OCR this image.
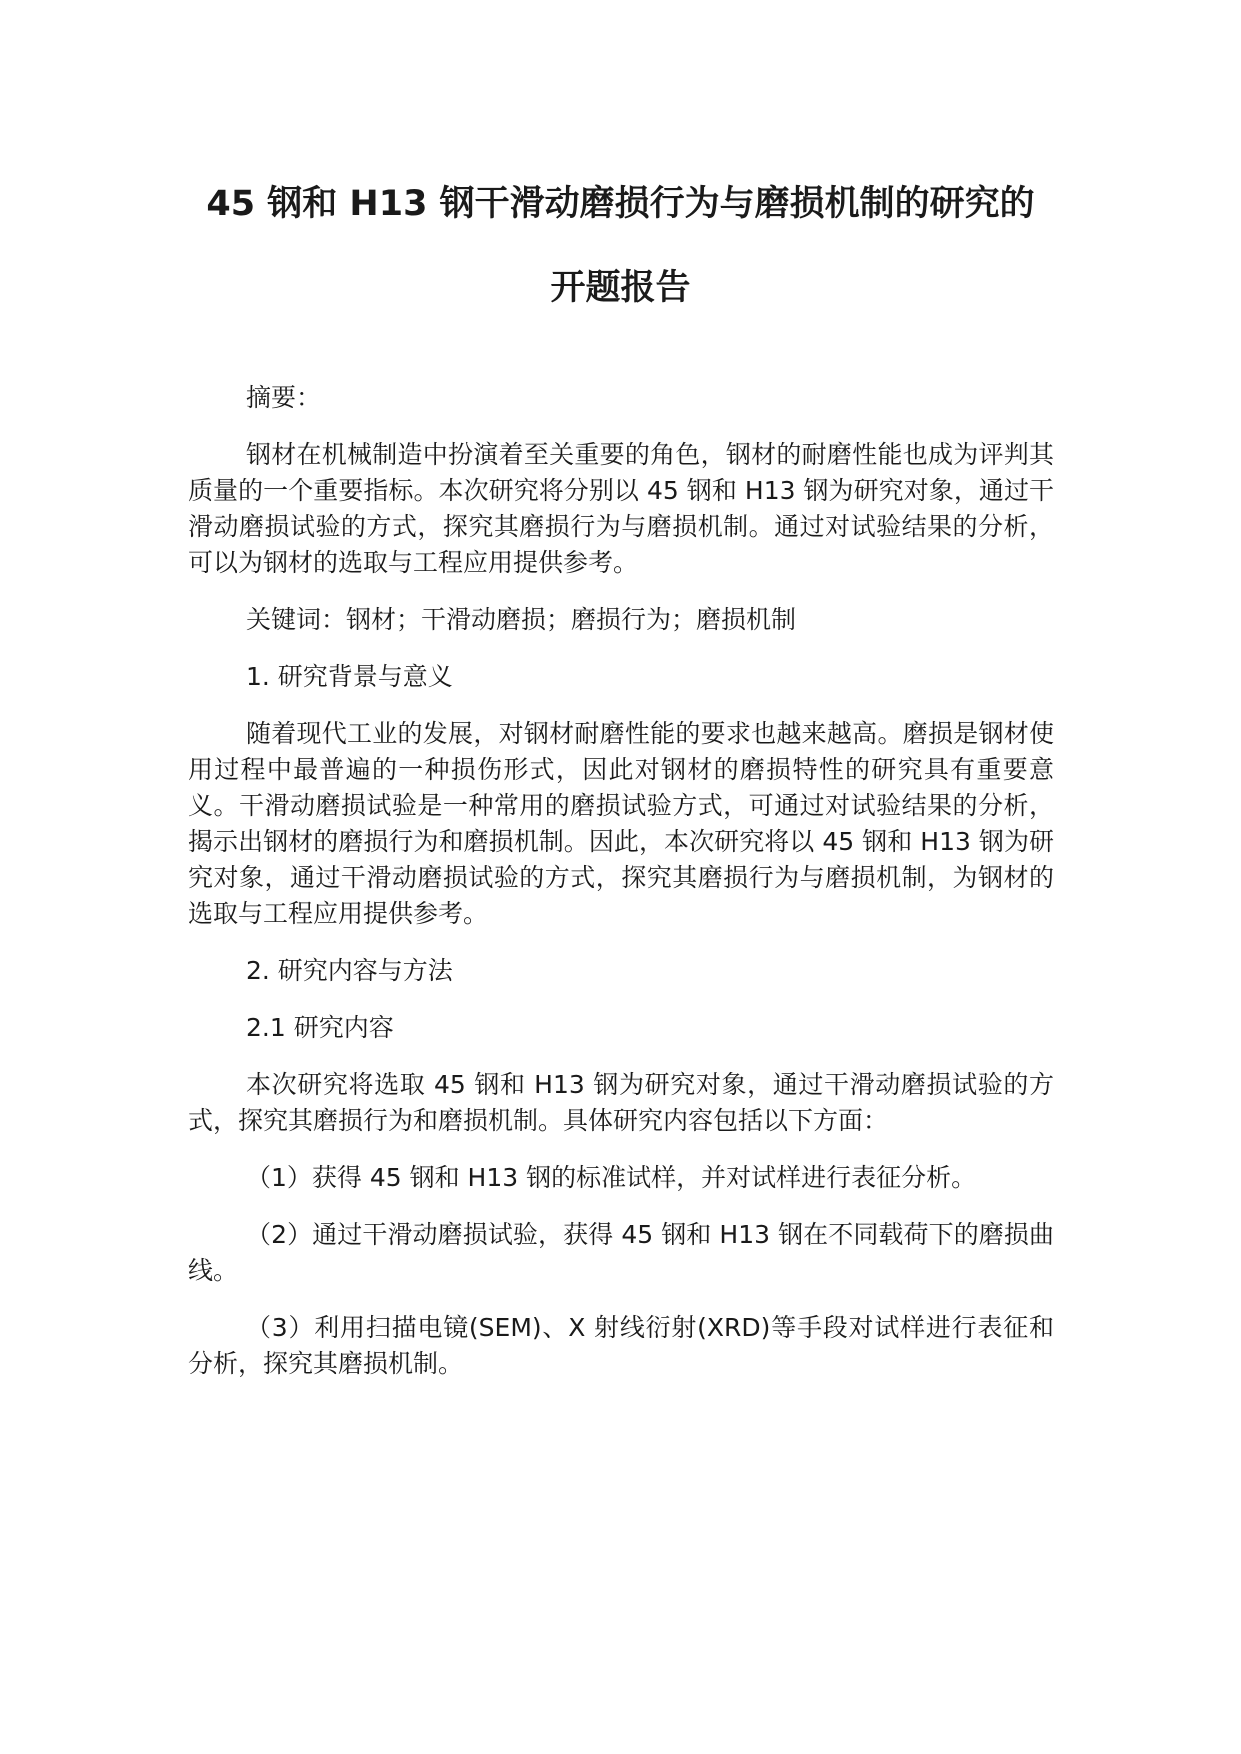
45 钢和 H13 钢干滑动磨损行为与磨损机制的研究的
开题报告

摘要：

钢材在机械制造中扮演着至关重要的角色，钢材的耐磨性能也成为评判其质量的一个重要指标。本次研究将分别以 45 钢和 H13 钢为研究对象，通过干滑动磨损试验的方式，探究其磨损行为与磨损机制。通过对试验结果的分析，可以为钢材的选取与工程应用提供参考。

关键词：钢材；干滑动磨损；磨损行为；磨损机制

1. 研究背景与意义

随着现代工业的发展，对钢材耐磨性能的要求也越来越高。磨损是钢材使用过程中最普遍的一种损伤形式，因此对钢材的磨损特性的研究具有重要意义。干滑动磨损试验是一种常用的磨损试验方式，可通过对试验结果的分析，揭示出钢材的磨损行为和磨损机制。因此，本次研究将以 45 钢和 H13 钢为研究对象，通过干滑动磨损试验的方式，探究其磨损行为与磨损机制，为钢材的选取与工程应用提供参考。

2. 研究内容与方法

2.1 研究内容

本次研究将选取 45 钢和 H13 钢为研究对象，通过干滑动磨损试验的方式，探究其磨损行为和磨损机制。具体研究内容包括以下方面：

（1）获得 45 钢和 H13 钢的标准试样，并对试样进行表征分析。

（2）通过干滑动磨损试验，获得 45 钢和 H13 钢在不同载荷下的磨损曲线。

（3）利用扫描电镜(SEM)、X 射线衍射(XRD)等手段对试样进行表征和分析，探究其磨损机制。
